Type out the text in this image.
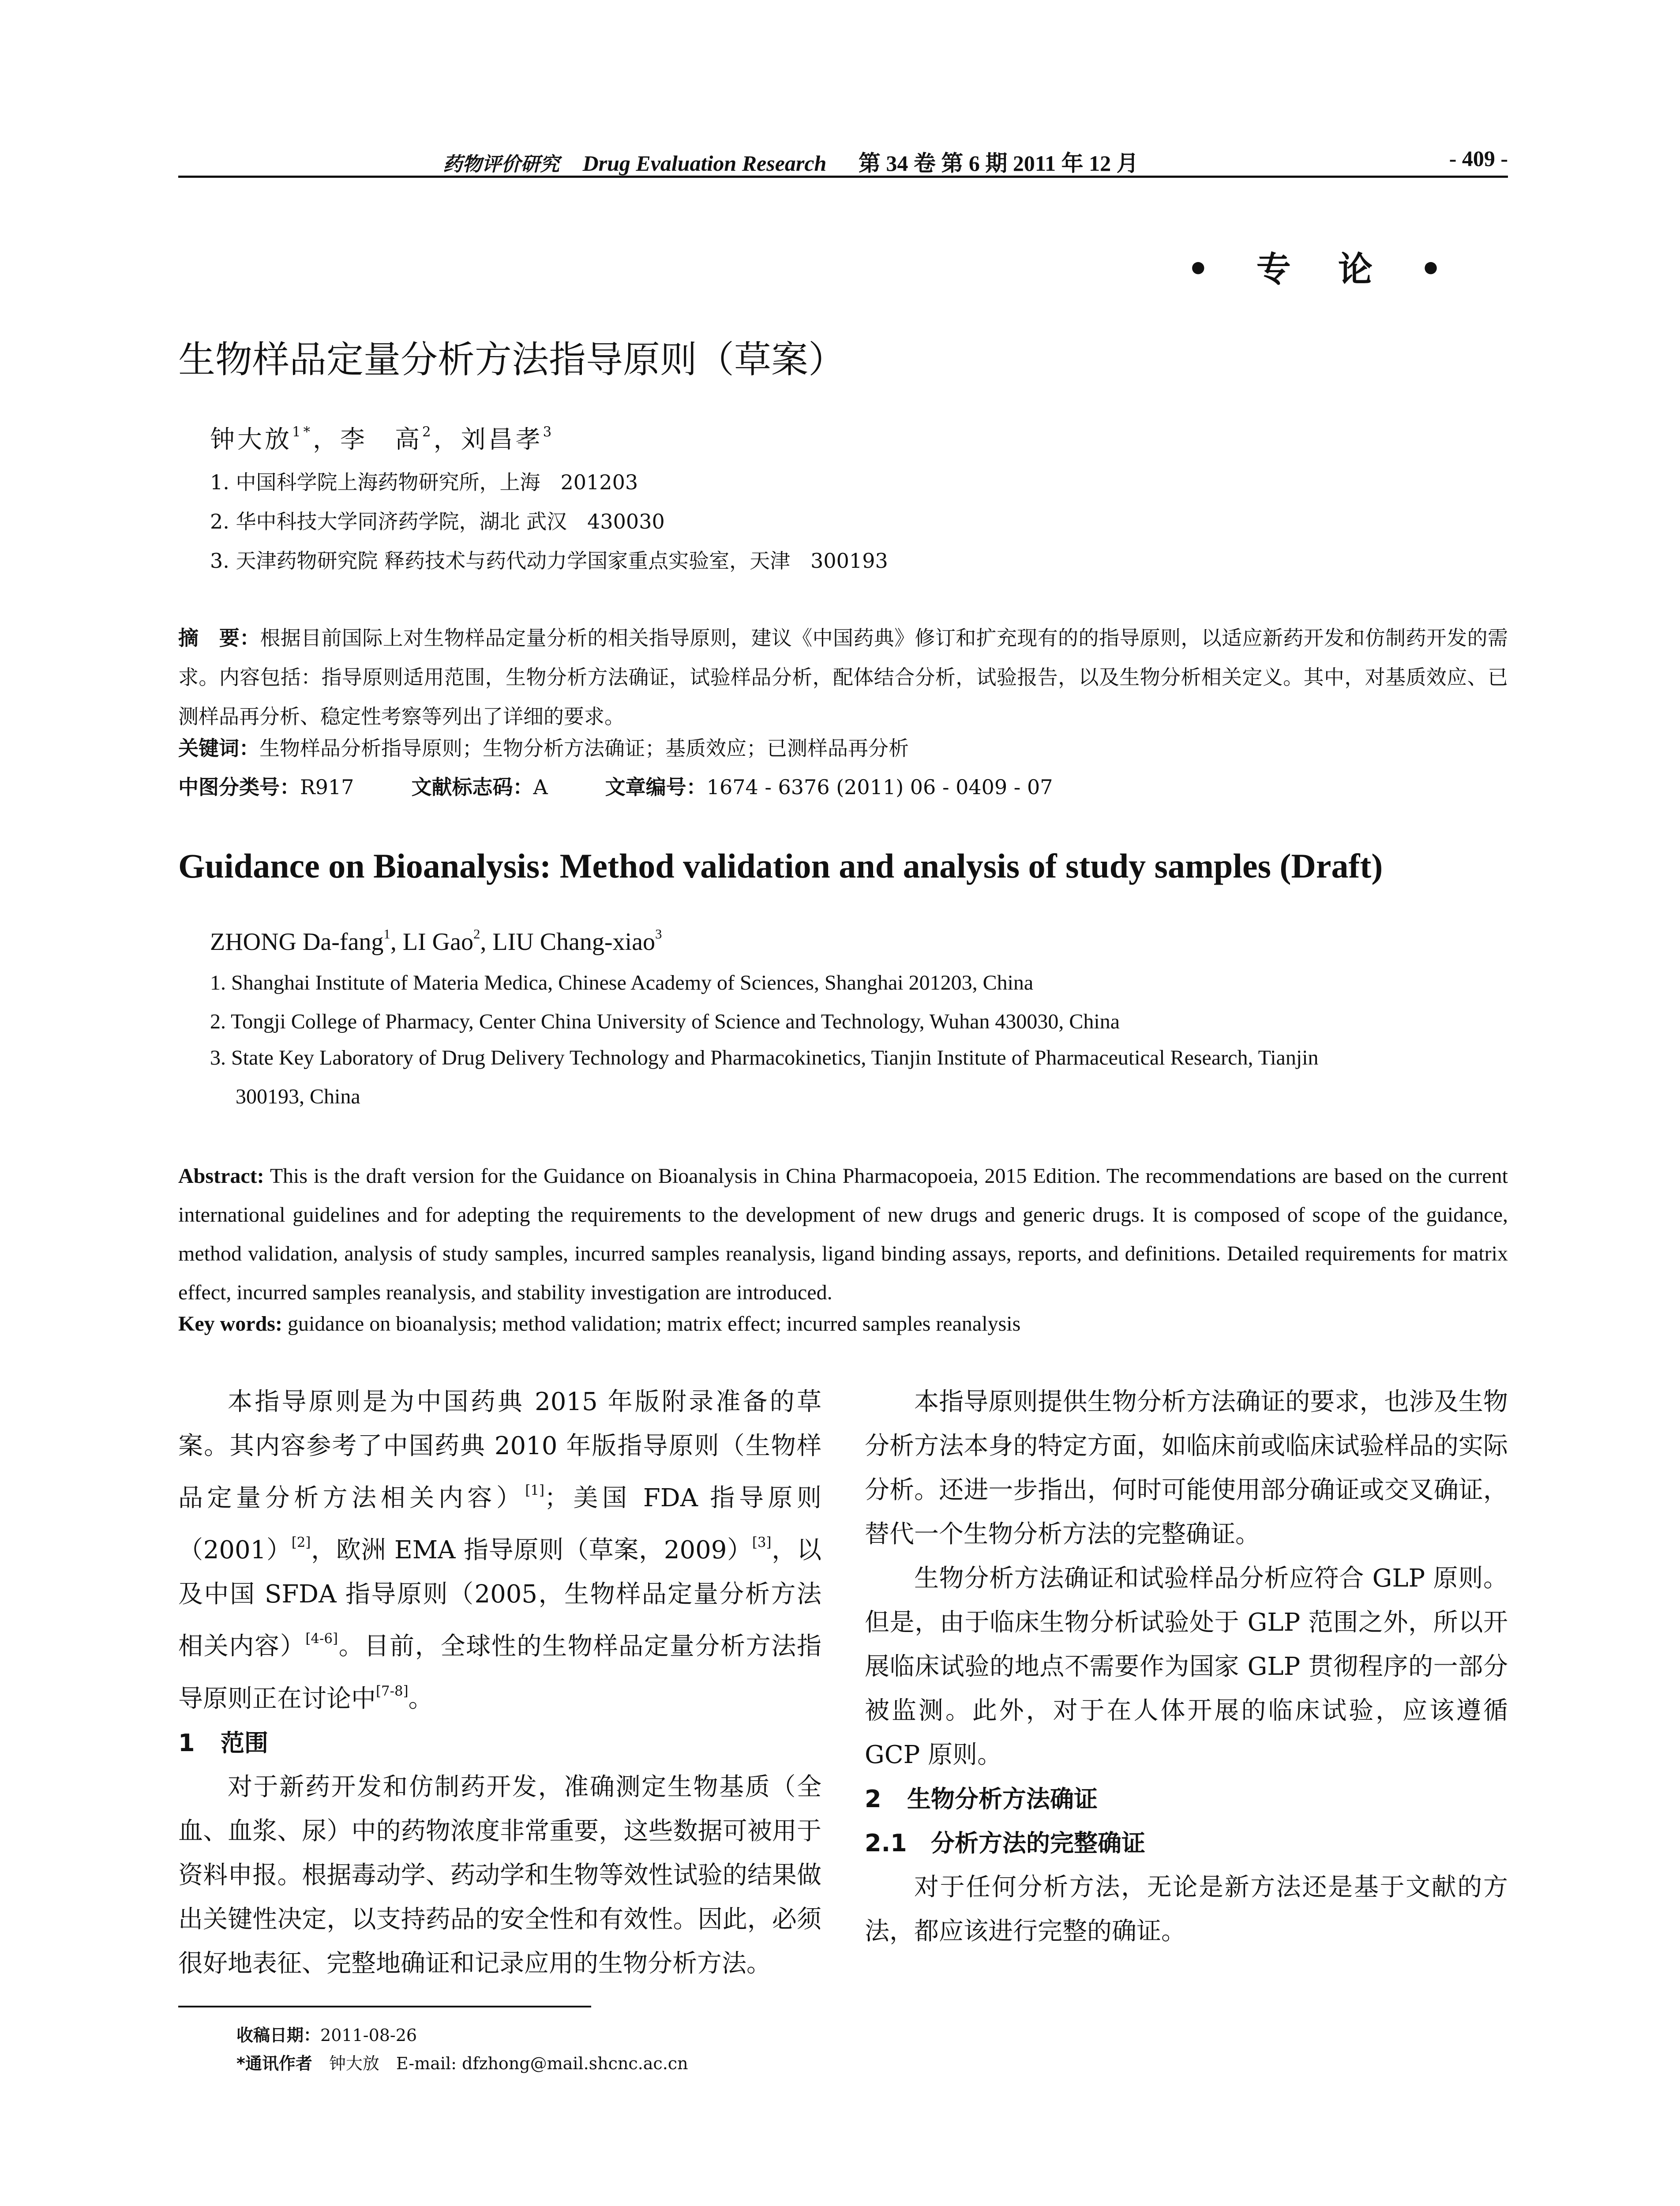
药物评价研究 Drug Evaluation Research 第 34 卷 第 6 期 2011 年 12 月	- 409 -
• 专 论 •
生物样品定量分析方法指导原则（草案）
钟大放$^{1*}$，李　高$^2$，刘昌孝$^3$
1. 中国科学院上海药物研究所，上海　201203
2. 华中科技大学同济药学院，湖北 武汉　430030
3. 天津药物研究院 释药技术与药代动力学国家重点实验室，天津　300193
摘　要：根据目前国际上对生物样品定量分析的相关指导原则，建议《中国药典》修订和扩充现有的的指导原则，以适应新药开发和仿制药开发的需求。内容包括：指导原则适用范围，生物分析方法确证，试验样品分析，配体结合分析，试验报告，以及生物分析相关定义。其中，对基质效应、已测样品再分析、稳定性考察等列出了详细的要求。
关键词：生物样品分析指导原则；生物分析方法确证；基质效应；已测样品再分析
中图分类号：R917	文献标志码：A	文章编号：1674 - 6376 (2011) 06 - 0409 - 07
Guidance on Bioanalysis: Method validation and analysis of study samples (Draft)
ZHONG Da-fang$^1$, LI Gao$^2$, LIU Chang-xiao$^3$
1. Shanghai Institute of Materia Medica, Chinese Academy of Sciences, Shanghai 201203, China
2. Tongji College of Pharmacy, Center China University of Science and Technology, Wuhan 430030, China
3. State Key Laboratory of Drug Delivery Technology and Pharmacokinetics, Tianjin Institute of Pharmaceutical Research, Tianjin
300193, China
Abstract: This is the draft version for the Guidance on Bioanalysis in China Pharmacopoeia, 2015 Edition. The recommendations are based on the current international guidelines and for adepting the requirements to the development of new drugs and generic drugs. It is composed of scope of the guidance, method validation, analysis of study samples, incurred samples reanalysis, ligand binding assays, reports, and definitions. Detailed requirements for matrix effect, incurred samples reanalysis, and stability investigation are introduced.
Key words: guidance on bioanalysis; method validation; matrix effect; incurred samples reanalysis

本指导原则是为中国药典 2015 年版附录准备的草案。其内容参考了中国药典 2010 年版指导原则（生物样品定量分析方法相关内容）[1]；美国 FDA 指导原则（2001）[2]，欧洲 EMA 指导原则（草案，2009）[3]，以及中国 SFDA 指导原则（2005，生物样品定量分析方法相关内容）[4-6]。目前，全球性的生物样品定量分析方法指导原则正在讨论中[7-8]。

1 范围

对于新药开发和仿制药开发，准确测定生物基质（全血、血浆、尿）中的药物浓度非常重要，这些数据可被用于资料申报。根据毒动学、药动学和生物等效性试验的结果做出关键性决定，以支持药品的安全性和有效性。因此，必须很好地表征、完整地确证和记录应用的生物分析方法。

本指导原则提供生物分析方法确证的要求，也涉及生物分析方法本身的特定方面，如临床前或临床试验样品的实际分析。还进一步指出，何时可能使用部分确证或交叉确证，替代一个生物分析方法的完整确证。

生物分析方法确证和试验样品分析应符合 GLP 原则。但是，由于临床生物分析试验处于 GLP 范围之外，所以开展临床试验的地点不需要作为国家 GLP 贯彻程序的一部分被监测。此外，对于在人体开展的临床试验，应该遵循 GCP 原则。

2 生物分析方法确证
2.1 分析方法的完整确证

对于任何分析方法，无论是新方法还是基于文献的方法，都应该进行完整的确证。

收稿日期：2011-08-26
*通讯作者　 钟大放　E-mail: dfzhong@mail.shcnc.ac.cn
